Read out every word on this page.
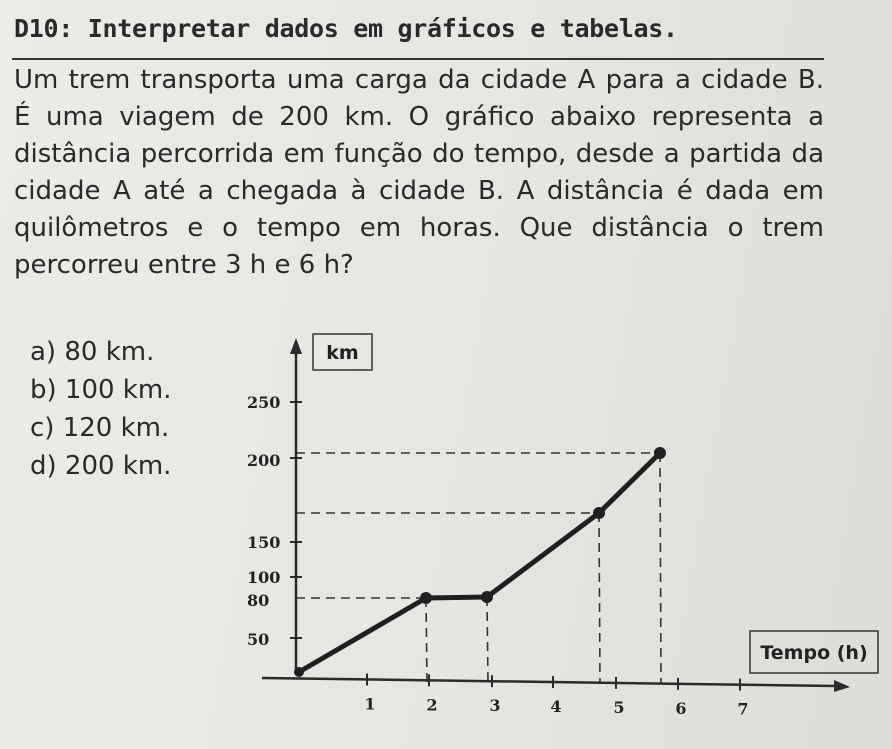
D10: Interpretar dados em gráficos e tabelas.
Um trem transporta uma carga da cidade A para a cidade B. É uma viagem de 200 km. O gráfico abaixo representa a distância percorrida em função do tempo, desde a partida da cidade A até a chegada à cidade B. A distância é dada em quilômetros e o tempo em horas. Que distância o trem percorreu entre 3 h e 6 h?
a) 80 km.
b) 100 km.
c) 120 km.
d) 200 km.
km
Tempo (h)
50
80
100
150
200
250
1	2	3	4	5	6	7
